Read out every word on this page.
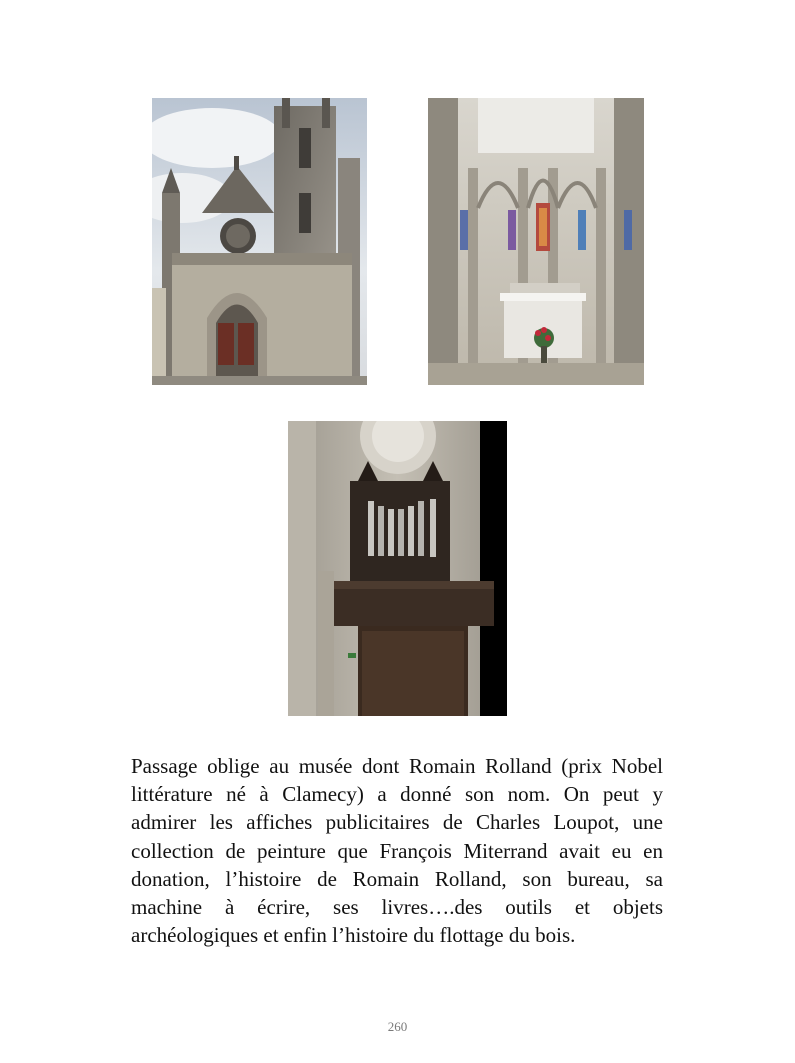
Passage oblige au musée dont Romain Rolland (prix Nobel
littérature né à Clamecy) a donné son nom. On peut y
admirer les affiches publicitaires de Charles Loupot, une
collection de peinture que François Miterrand avait eu en
donation, l’histoire de Romain Rolland, son bureau, sa
machine à écrire, ses livres….des outils et objets
archéologiques et enfin l’histoire du flottage du bois.

260
